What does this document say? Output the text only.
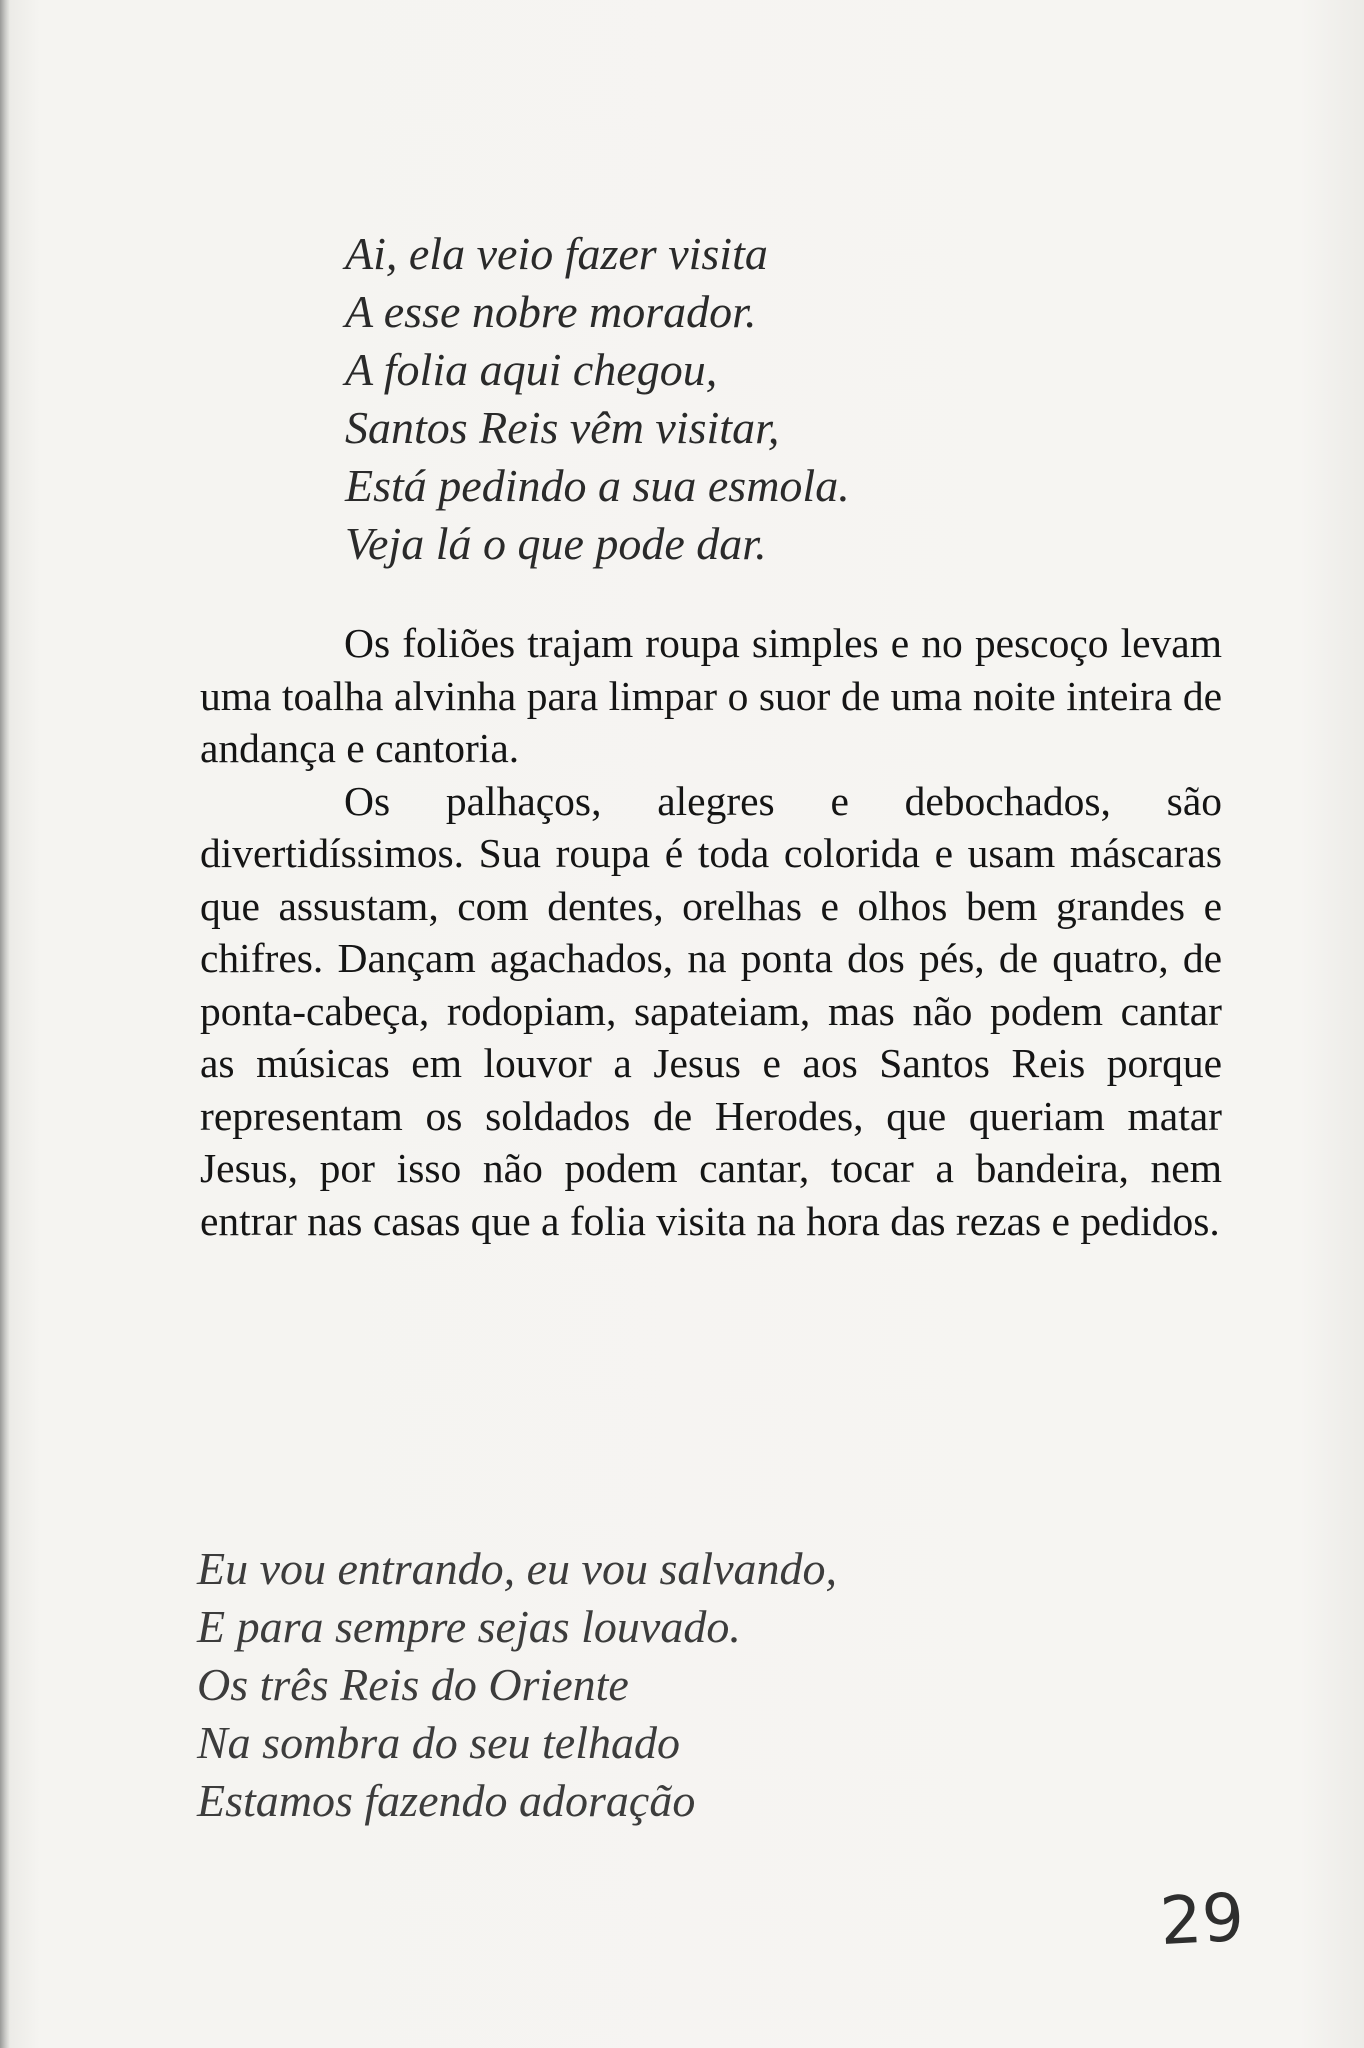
Ai, ela veio fazer visita
A esse nobre morador.
A folia aqui chegou,
Santos Reis vêm visitar,
Está pedindo a sua esmola.
Veja lá o que pode dar.

Os foliões trajam roupa simples e no pescoço levam uma toalha alvinha para limpar o suor de uma noite inteira de andança e cantoria.

Os palhaços, alegres e debochados, são divertidíssimos. Sua roupa é toda colorida e usam máscaras que assustam, com dentes, orelhas e olhos bem grandes e chifres. Dançam agachados, na ponta dos pés, de quatro, de ponta-cabeça, rodopiam, sapateiam, mas não podem cantar as músicas em louvor a Jesus e aos Santos Reis porque representam os soldados de Herodes, que queriam matar Jesus, por isso não podem cantar, tocar a bandeira, nem entrar nas casas que a folia visita na hora das rezas e pedidos.

Eu vou entrando, eu vou salvando,
E para sempre sejas louvado.
Os três Reis do Oriente
Na sombra do seu telhado
Estamos fazendo adoração
29
